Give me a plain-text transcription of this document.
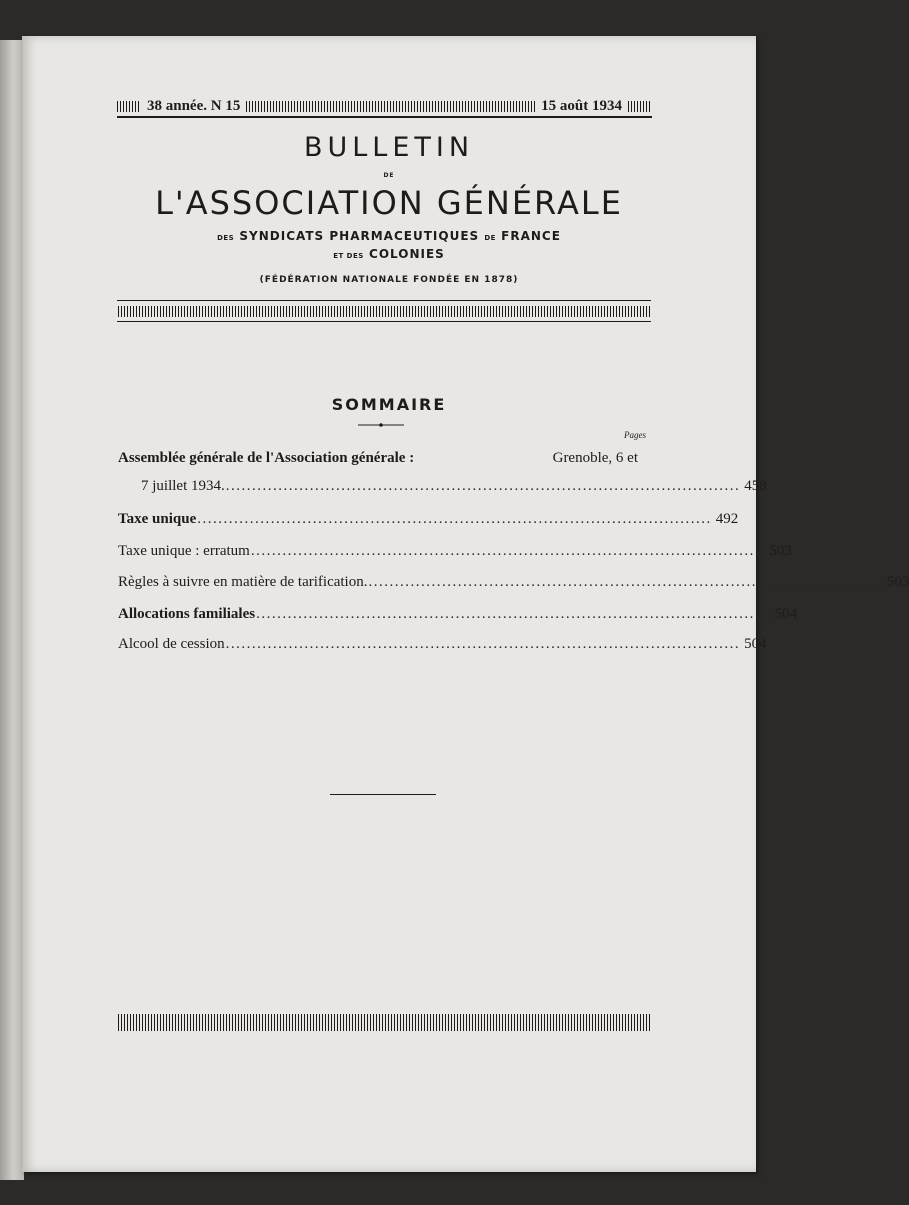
38 année. N 15	15 août 1934
BULLETIN
DE
L'ASSOCIATION GÉNÉRALE
DES SYNDICATS PHARMACEUTIQUES DE FRANCE
ET DES COLONIES
(FÉDÉRATION NATIONALE FONDÉE EN 1878)
SOMMAIRE
Pages
Assemblée générale de l'Association générale :	Grenoble, 6 et
7 juillet 1934. .................................................................................................. 458
Taxe unique .................................................................................................. 492
Taxe unique : erratum .................................................................................................. 503
Règles à suivre en matière de tarification. .................................................................................................. 503
Allocations familiales .................................................................................................. 504
Alcool de cession .................................................................................................. 504
